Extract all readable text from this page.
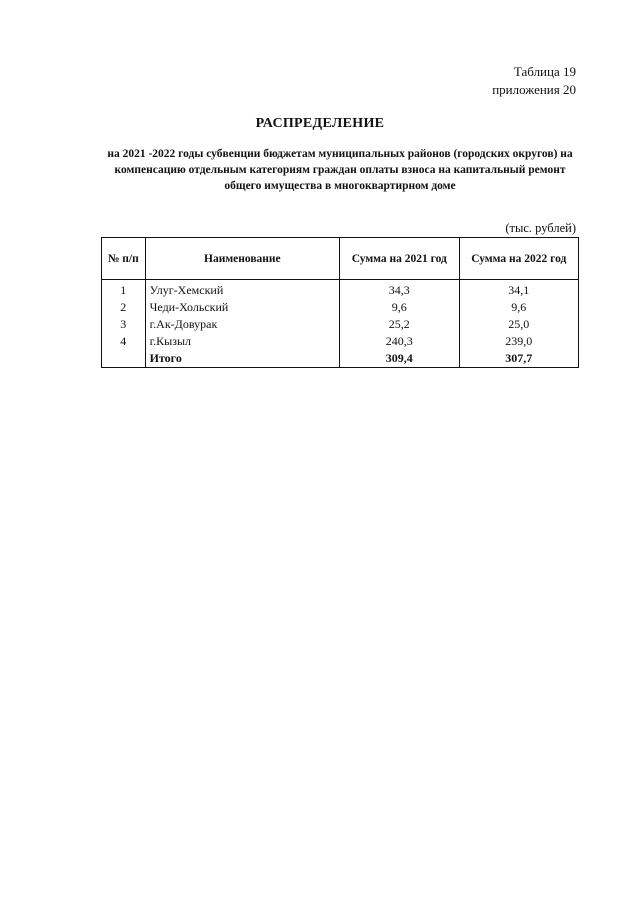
Таблица 19
приложения 20
РАСПРЕДЕЛЕНИЕ
на 2021 -2022 годы субвенции бюджетам муниципальных районов (городских округов) на компенсацию отдельным категориям граждан оплаты взноса на капитальный ремонт общего имущества в многоквартирном доме
(тыс. рублей)
№ п/п	Наименование	Сумма на 2021 год	Сумма на 2022 год
1	Улуг-Хемский	34,3	34,1
2	Чеди-Хольский	9,6	9,6
3	г.Ак-Довурак	25,2	25,0
4	г.Кызыл	240,3	239,0
	Итого	309,4	307,7
